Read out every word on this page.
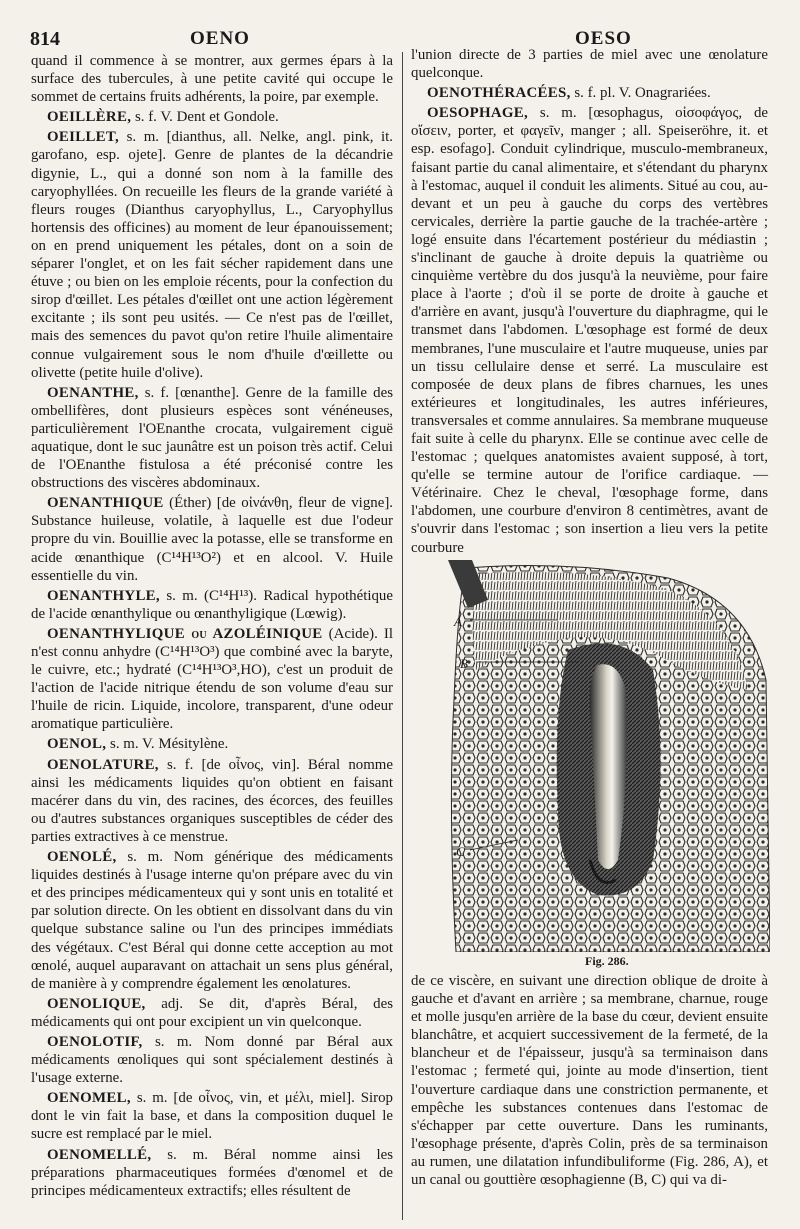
814	OENO	OESO

quand il commence à se montrer, aux germes épars à la surface des tubercules, à une petite cavité qui occupe le sommet de certains fruits adhérents, la poire, par exemple.

OEILLÈRE, s. f. V. Dent et Gondole.

OEILLET, s. m. [dianthus, all. Nelke, angl. pink, it. garofano, esp. ojete]. Genre de plantes de la décandrie digynie, L., qui a donné son nom à la famille des caryophyllées. On recueille les fleurs de la grande variété à fleurs rouges (Dianthus caryophyllus, L., Caryophyllus hortensis des officines) au moment de leur épanouissement; on en prend uniquement les pétales, dont on a soin de séparer l'onglet, et on les fait sécher rapidement dans une étuve ; ou bien on les emploie récents, pour la confection du sirop d'œillet. Les pétales d'œillet ont une action légèrement excitante ; ils sont peu usités. — Ce n'est pas de l'œillet, mais des semences du pavot qu'on retire l'huile alimentaire connue vulgairement sous le nom d'huile d'œillette ou olivette (petite huile d'olive).

OENANTHE, s. f. [œnanthe]. Genre de la famille des ombellifères, dont plusieurs espèces sont vénéneuses, particulièrement l'OEnanthe crocata, vulgairement ciguë aquatique, dont le suc jaunâtre est un poison très actif. Celui de l'OEnanthe fistulosa a été préconisé contre les obstructions des viscères abdominaux.

OENANTHIQUE (Éther) [de οἰνάνθη, fleur de vigne]. Substance huileuse, volatile, à laquelle est due l'odeur propre du vin. Bouillie avec la potasse, elle se transforme en acide œnanthique (C¹⁴H¹³O²) et en alcool. V. Huile essentielle du vin.

OENANTHYLE, s. m. (C¹⁴H¹³). Radical hypothétique de l'acide œnanthylique ou œnanthyligique (Lœwig).

OENANTHYLIQUE ou AZOLÉINIQUE (Acide). Il n'est connu anhydre (C¹⁴H¹³O³) que combiné avec la baryte, le cuivre, etc.; hydraté (C¹⁴H¹³O³,HO), c'est un produit de l'action de l'acide nitrique étendu de son volume d'eau sur l'huile de ricin. Liquide, incolore, transparent, d'une odeur aromatique particulière.

OENOL, s. m. V. Mésitylène.

OENOLATURE, s. f. [de οἶνος, vin]. Béral nomme ainsi les médicaments liquides qu'on obtient en faisant macérer dans du vin, des racines, des écorces, des feuilles ou d'autres substances organiques susceptibles de céder des parties extractives à ce menstrue.

OENOLÉ, s. m. Nom générique des médicaments liquides destinés à l'usage interne qu'on prépare avec du vin et des principes médicamenteux qui y sont unis en totalité et par solution directe. On les obtient en dissolvant dans du vin quelque substance saline ou l'un des principes immédiats des végétaux. C'est Béral qui donne cette acception au mot œnolé, auquel auparavant on attachait un sens plus général, de manière à y comprendre également les œnolatures.

OENOLIQUE, adj. Se dit, d'après Béral, des médicaments qui ont pour excipient un vin quelconque.

OENOLOTIF, s. m. Nom donné par Béral aux médicaments œnoliques qui sont spécialement destinés à l'usage externe.

OENOMEL, s. m. [de οἶνος, vin, et μέλι, miel]. Sirop dont le vin fait la base, et dans la composition duquel le sucre est remplacé par le miel.

OENOMELLÉ, s. m. Béral nomme ainsi les préparations pharmaceutiques formées d'œnomel et de principes médicamenteux extractifs; elles résultent de

l'union directe de 3 parties de miel avec une œnolature quelconque.

OENOTHÉRACÉES, s. f. pl. V. Onagrariées.

OESOPHAGE, s. m. [œsophagus, οἰσοφάγος, de οἴσειν, porter, et φαγεῖν, manger ; all. Speiseröhre, it. et esp. esofago]. Conduit cylindrique, musculo-membraneux, faisant partie du canal alimentaire, et s'étendant du pharynx à l'estomac, auquel il conduit les aliments. Situé au cou, au-devant et un peu à gauche du corps des vertèbres cervicales, derrière la partie gauche de la trachée-artère ; logé ensuite dans l'écartement postérieur du médiastin ; s'inclinant de gauche à droite depuis la quatrième ou cinquième vertèbre du dos jusqu'à la neuvième, pour faire place à l'aorte ; d'où il se porte de droite à gauche et d'arrière en avant, jusqu'à l'ouverture du diaphragme, qui le transmet dans l'abdomen. L'œsophage est formé de deux membranes, l'une musculaire et l'autre muqueuse, unies par un tissu cellulaire dense et serré. La musculaire est composée de deux plans de fibres charnues, les unes extérieures et longitudinales, les autres inférieures, transversales et comme annulaires. Sa membrane muqueuse fait suite à celle du pharynx. Elle se continue avec celle de l'estomac ; quelques anatomistes avaient supposé, à tort, qu'elle se termine autour de l'orifice cardiaque. — Vétérinaire. Chez le cheval, l'œsophage forme, dans l'abdomen, une courbure d'environ 8 centimètres, avant de s'ouvrir dans l'estomac ; son insertion a lieu vers la petite courbure

A
B
C
Fig. 286.

de ce viscère, en suivant une direction oblique de droite à gauche et d'avant en arrière ; sa membrane, charnue, rouge et molle jusqu'en arrière de la base du cœur, devient ensuite blanchâtre, et acquiert successivement de la fermeté, de la blancheur et de l'épaisseur, jusqu'à sa terminaison dans l'estomac ; fermeté qui, jointe au mode d'insertion, tient l'ouverture cardiaque dans une constriction permanente, et empêche les substances contenues dans l'estomac de s'échapper par cette ouverture. Dans les ruminants, l'œsophage présente, d'après Colin, près de sa terminaison au rumen, une dilatation infundibuliforme (Fig. 286, A), et un canal ou gouttière œsophagienne (B, C) qui va di-
